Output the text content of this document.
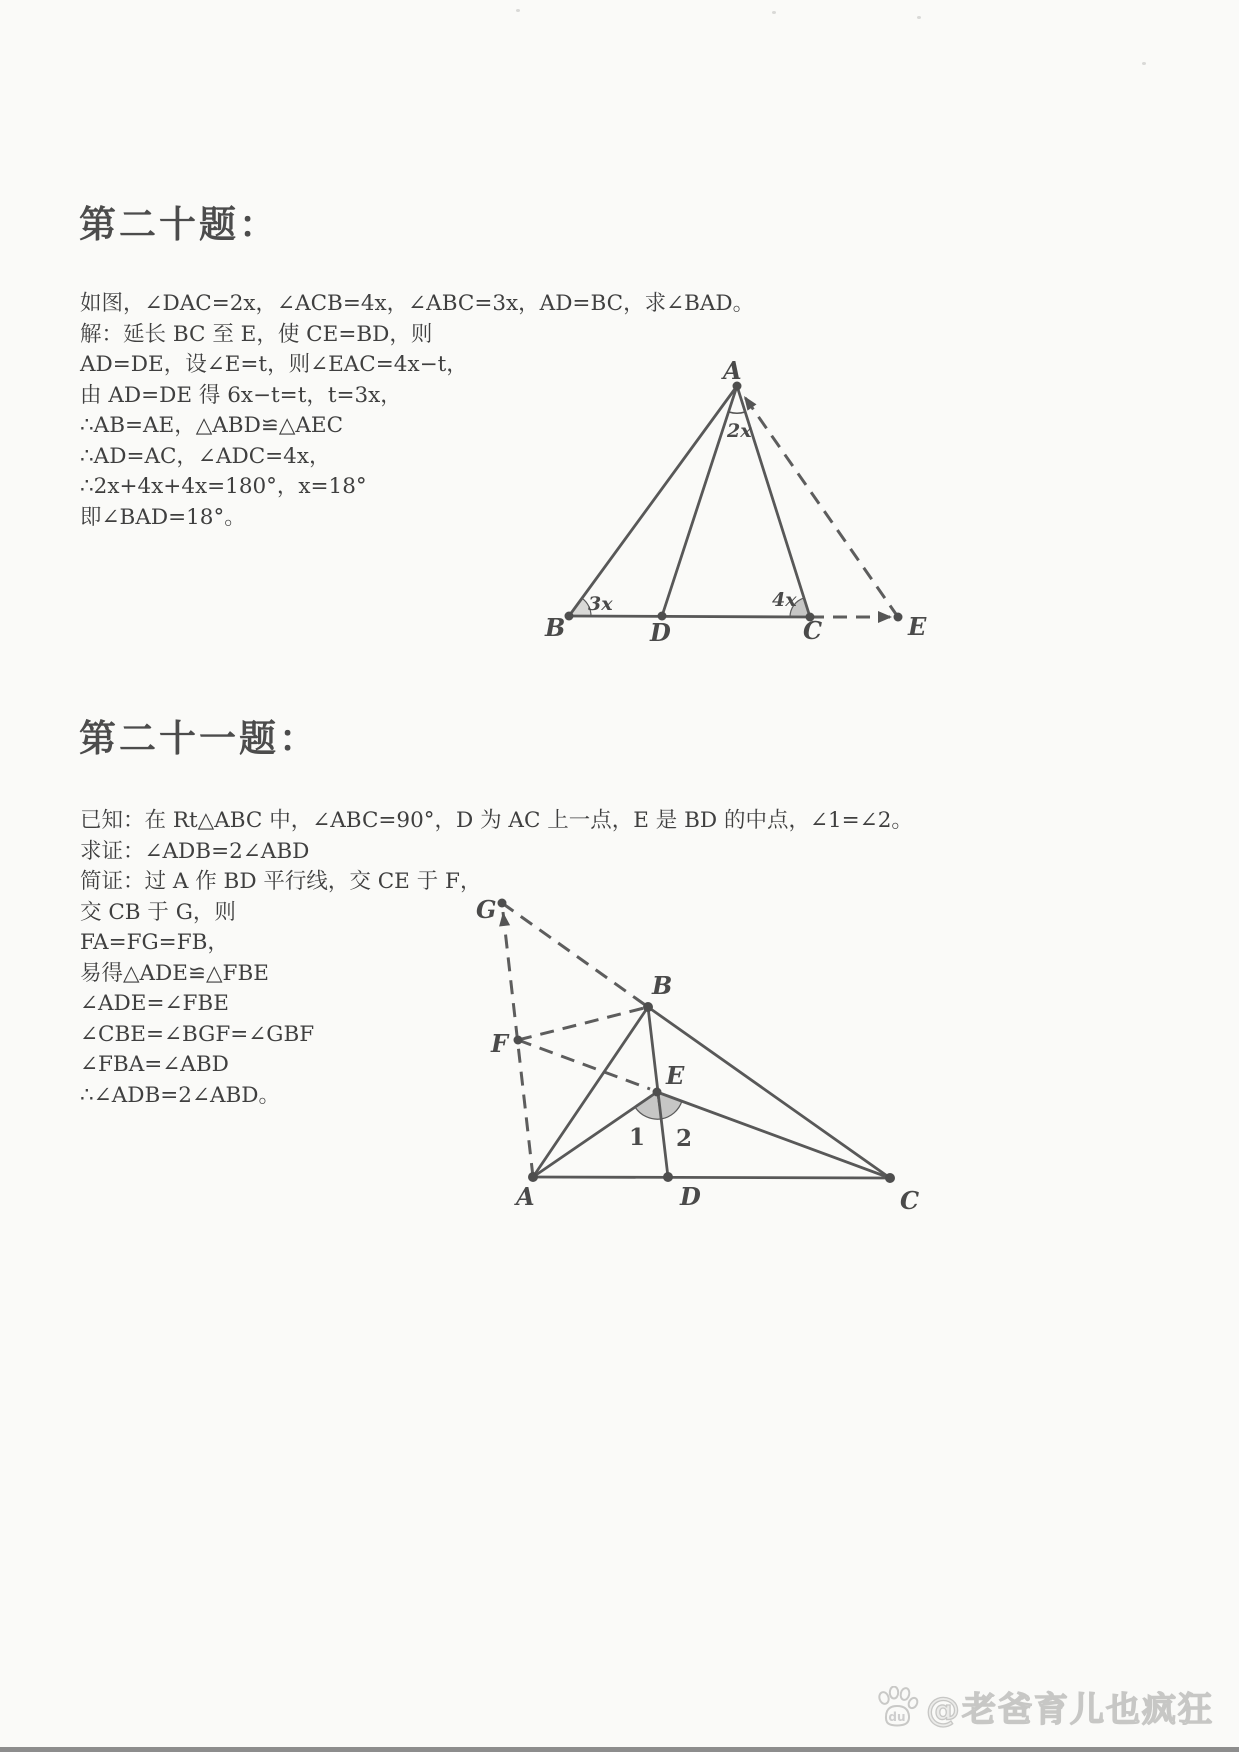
第二十题：
如图，∠DAC=2x，∠ACB=4x，∠ABC=3x，AD=BC，求∠BAD。
解：延长 BC 至 E，使 CE=BD，则
AD=DE，设∠E=t，则∠EAC=4x−t，
由 AD=DE 得 6x−t=t，t=3x，
∴AB=AE，△ABD≌△AEC
∴AD=AC，∠ADC=4x，
∴2x+4x+4x=180°，x=18°
即∠BAD=18°。
A
2x
3x	4x
B	D	C	E
第二十一题：
已知：在 Rt△ABC 中，∠ABC=90°，D 为 AC 上一点，E 是 BD 的中点，∠1=∠2。
求证：∠ADB=2∠ABD
简证：过 A 作 BD 平行线，交 CE 于 F，
交 CB 于 G，则
FA=FG=FB，
易得△ADE≌△FBE
∠ADE=∠FBE
∠CBE=∠BGF=∠GBF
∠FBA=∠ABD
∴∠ADB=2∠ABD。
G
B
F
E
A	D	C
1 2
du @老爸育儿也疯狂
